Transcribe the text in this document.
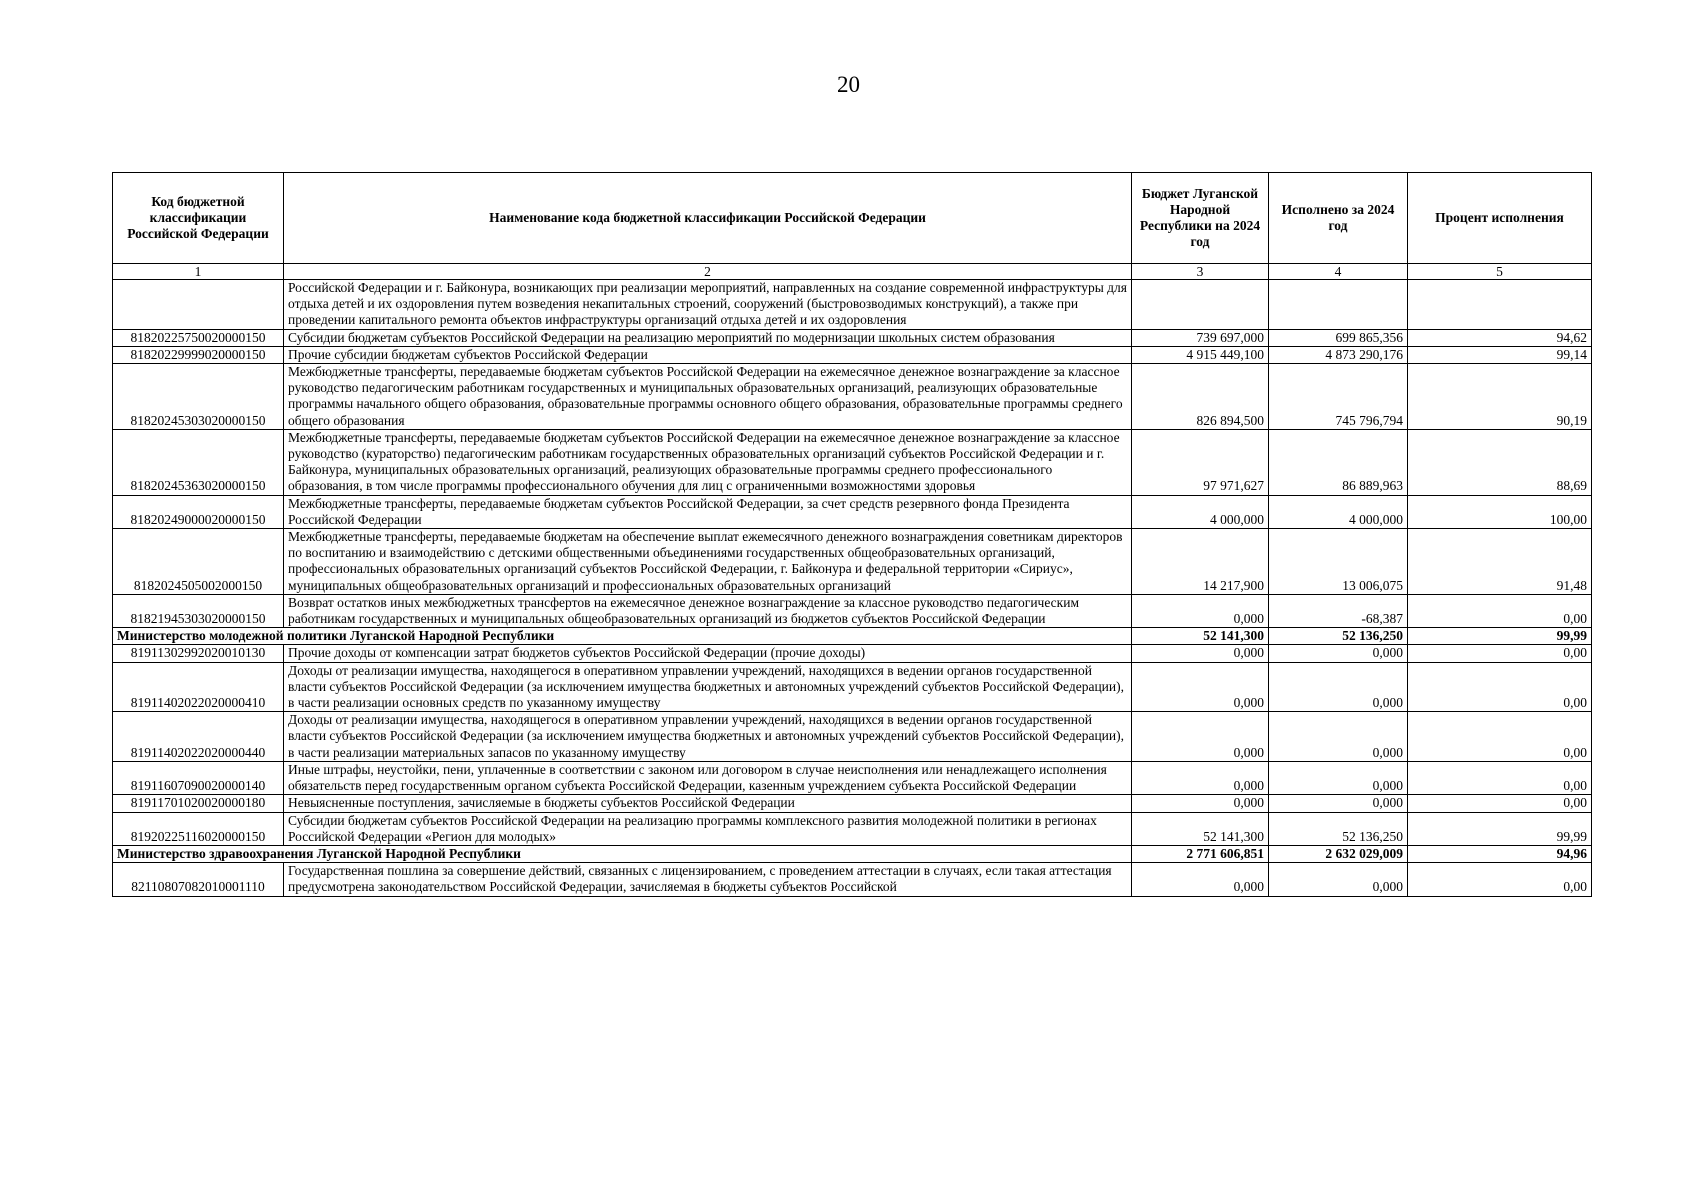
20
Код бюджетной классификации Российской Федерации	Наименование кода бюджетной классификации Российской Федерации	Бюджет Луганской Народной Республики на 2024 год	Исполнено за 2024 год	Процент исполнения
1	2	3	4	5
	Российской Федерации и г. Байконура, возникающих при реализации мероприятий, направленных на создание современной инфраструктуры для отдыха детей и их оздоровления путем возведения некапитальных строений, сооружений (быстровозводимых конструкций), а также при проведении капитального ремонта объектов инфраструктуры организаций отдыха детей и их оздоровления			
81820225750020000150	Субсидии бюджетам субъектов Российской Федерации на реализацию мероприятий по модернизации школьных систем образования	739 697,000	699 865,356	94,62
81820229999020000150	Прочие субсидии бюджетам субъектов Российской Федерации	4 915 449,100	4 873 290,176	99,14
81820245303020000150	Межбюджетные трансферты, передаваемые бюджетам субъектов Российской Федерации на ежемесячное денежное вознаграждение за классное руководство педагогическим работникам государственных и муниципальных образовательных организаций, реализующих образовательные программы начального общего образования, образовательные программы основного общего образования, образовательные программы среднего общего образования	826 894,500	745 796,794	90,19
81820245363020000150	Межбюджетные трансферты, передаваемые бюджетам субъектов Российской Федерации на ежемесячное денежное вознаграждение за классное руководство (кураторство) педагогическим работникам государственных образовательных организаций субъектов Российской Федерации и г. Байконура, муниципальных образовательных организаций, реализующих образовательные программы среднего профессионального образования, в том числе программы профессионального обучения для лиц с ограниченными возможностями здоровья	97 971,627	86 889,963	88,69
81820249000020000150	Межбюджетные трансферты, передаваемые бюджетам субъектов Российской Федерации, за счет средств резервного фонда Президента Российской Федерации	4 000,000	4 000,000	100,00
8182024505002000150	Межбюджетные трансферты, передаваемые бюджетам на обеспечение выплат ежемесячного денежного вознаграждения советникам директоров по воспитанию и взаимодействию с детскими общественными объединениями государственных общеобразовательных организаций, профессиональных образовательных организаций субъектов Российской Федерации, г. Байконура и федеральной территории «Сириус», муниципальных общеобразовательных организаций и профессиональных образовательных организаций	14 217,900	13 006,075	91,48
81821945303020000150	Возврат остатков иных межбюджетных трансфертов на ежемесячное денежное вознаграждение за классное руководство педагогическим работникам государственных и муниципальных общеобразовательных организаций из бюджетов субъектов Российской Федерации	0,000	-68,387	0,00
Министерство молодежной политики Луганской Народной Республики		52 141,300	52 136,250	99,99
81911302992020010130	Прочие доходы от компенсации затрат бюджетов субъектов Российской Федерации (прочие доходы)	0,000	0,000	0,00
81911402022020000410	Доходы от реализации имущества, находящегося в оперативном управлении учреждений, находящихся в ведении органов государственной власти субъектов Российской Федерации (за исключением имущества бюджетных и автономных учреждений субъектов Российской Федерации), в части реализации основных средств по указанному имуществу	0,000	0,000	0,00
81911402022020000440	Доходы от реализации имущества, находящегося в оперативном управлении учреждений, находящихся в ведении органов государственной власти субъектов Российской Федерации (за исключением имущества бюджетных и автономных учреждений субъектов Российской Федерации), в части реализации материальных запасов по указанному имуществу	0,000	0,000	0,00
81911607090020000140	Иные штрафы, неустойки, пени, уплаченные в соответствии с законом или договором в случае неисполнения или ненадлежащего исполнения обязательств перед государственным органом субъекта Российской Федерации, казенным учреждением субъекта Российской Федерации	0,000	0,000	0,00
81911701020020000180	Невыясненные поступления, зачисляемые в бюджеты субъектов Российской Федерации	0,000	0,000	0,00
81920225116020000150	Субсидии бюджетам субъектов Российской Федерации на реализацию программы комплексного развития молодежной политики в регионах Российской Федерации «Регион для молодых»	52 141,300	52 136,250	99,99
Министерство здравоохранения Луганской Народной Республики		2 771 606,851	2 632 029,009	94,96
82110807082010001110	Государственная пошлина за совершение действий, связанных с лицензированием, с проведением аттестации в случаях, если такая аттестация предусмотрена законодательством Российской Федерации, зачисляемая в бюджеты субъектов Российской	0,000	0,000	0,00
